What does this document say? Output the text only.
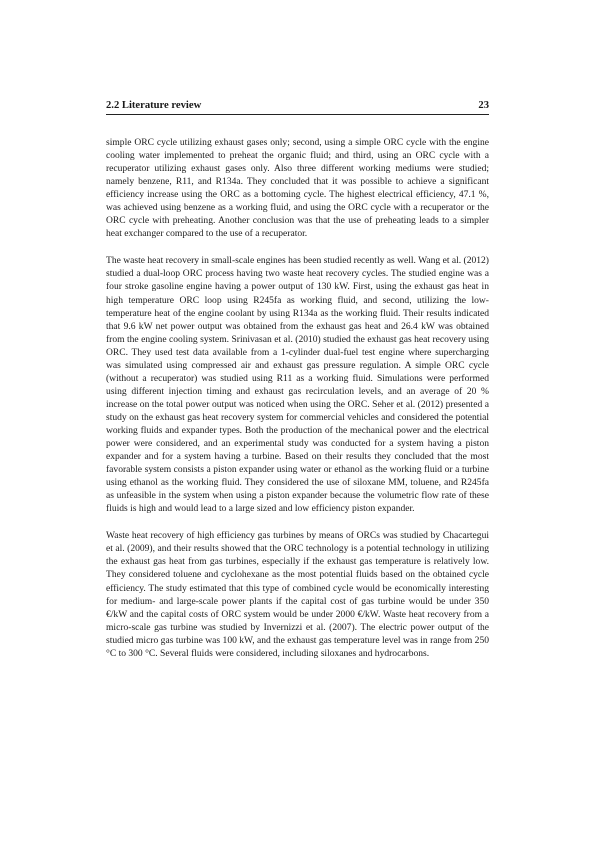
2.2 Literature review	23

simple ORC cycle utilizing exhaust gases only; second, using a simple ORC cycle with the engine cooling water implemented to preheat the organic fluid; and third, using an ORC cycle with a recuperator utilizing exhaust gases only. Also three different working mediums were studied; namely benzene, R11, and R134a. They concluded that it was possible to achieve a significant efficiency increase using the ORC as a bottoming cycle. The highest electrical efficiency, 47.1 %, was achieved using benzene as a working fluid, and using the ORC cycle with a recuperator or the ORC cycle with preheating. Another conclusion was that the use of preheating leads to a simpler heat exchanger compared to the use of a recuperator.

The waste heat recovery in small-scale engines has been studied recently as well. Wang et al. (2012) studied a dual-loop ORC process having two waste heat recovery cycles. The studied engine was a four stroke gasoline engine having a power output of 130 kW. First, using the exhaust gas heat in high temperature ORC loop using R245fa as working fluid, and second, utilizing the low-temperature heat of the engine coolant by using R134a as the working fluid. Their results indicated that 9.6 kW net power output was obtained from the exhaust gas heat and 26.4 kW was obtained from the engine cooling system. Srinivasan et al. (2010) studied the exhaust gas heat recovery using ORC. They used test data available from a 1-cylinder dual-fuel test engine where supercharging was simulated using compressed air and exhaust gas pressure regulation. A simple ORC cycle (without a recuperator) was studied using R11 as a working fluid. Simulations were performed using different injection timing and exhaust gas recirculation levels, and an average of 20 % increase on the total power output was noticed when using the ORC. Seher et al. (2012) presented a study on the exhaust gas heat recovery system for commercial vehicles and considered the potential working fluids and expander types. Both the production of the mechanical power and the electrical power were considered, and an experimental study was conducted for a system having a piston expander and for a system having a turbine. Based on their results they concluded that the most favorable system consists a piston expander using water or ethanol as the working fluid or a turbine using ethanol as the working fluid. They considered the use of siloxane MM, toluene, and R245fa as unfeasible in the system when using a piston expander because the volumetric flow rate of these fluids is high and would lead to a large sized and low efficiency piston expander.

Waste heat recovery of high efficiency gas turbines by means of ORCs was studied by Chacartegui et al. (2009), and their results showed that the ORC technology is a potential technology in utilizing the exhaust gas heat from gas turbines, especially if the exhaust gas temperature is relatively low. They considered toluene and cyclohexane as the most potential fluids based on the obtained cycle efficiency. The study estimated that this type of combined cycle would be economically interesting for medium- and large-scale power plants if the capital cost of gas turbine would be under 350 €/kW and the capital costs of ORC system would be under 2000 €/kW. Waste heat recovery from a micro-scale gas turbine was studied by Invernizzi et al. (2007). The electric power output of the studied micro gas turbine was 100 kW, and the exhaust gas temperature level was in range from 250 °C to 300 °C. Several fluids were considered, including siloxanes and hydrocarbons.
